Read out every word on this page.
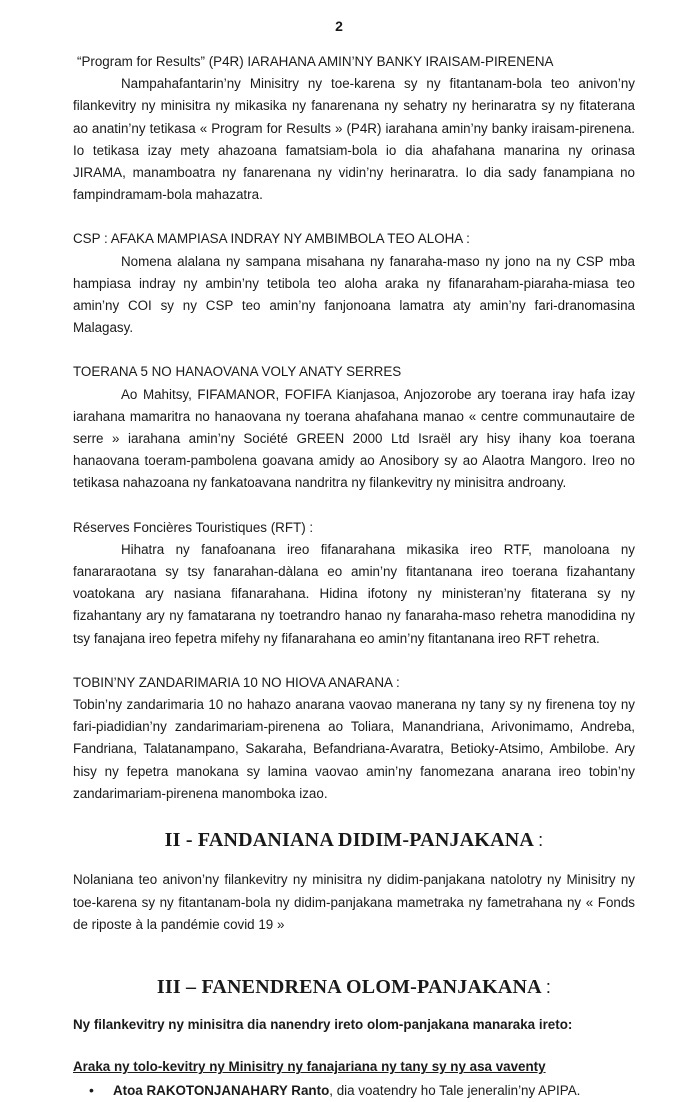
2

“Program for Results” (P4R) IARAHANA AMIN’NY BANKY IRAISAM-PIRENENA

Nampahafantarin’ny Minisitry ny toe-karena sy ny fitantanam-bola teo anivon’ny filankevitry ny minisitra ny mikasika ny fanarenana ny sehatry ny herinaratra sy ny fitaterana ao anatin’ny tetikasa « Program for Results » (P4R) iarahana amin’ny banky iraisam-pirenena. Io tetikasa izay mety ahazoana famatsiam-bola io dia ahafahana manarina ny orinasa JIRAMA, manamboatra ny fanarenana ny vidin’ny herinaratra. Io dia sady fanampiana no fampindramam-bola mahazatra.

CSP : AFAKA MAMPIASA INDRAY NY AMBIMBOLA TEO ALOHA :

Nomena alalana ny sampana misahana ny fanaraha-maso ny jono na ny CSP mba hampiasa indray ny ambin’ny tetibola teo aloha araka ny fifanaraham-piaraha-miasa teo amin’ny COI sy ny CSP teo amin’ny fanjonoana lamatra aty amin’ny fari-dranomasina Malagasy.

TOERANA 5 NO HANAOVANA VOLY ANATY SERRES

Ao Mahitsy, FIFAMANOR, FOFIFA Kianjasoa, Anjozorobe ary toerana iray hafa izay iarahana mamaritra no hanaovana ny toerana ahafahana manao « centre communautaire de serre » iarahana amin’ny Société GREEN 2000 Ltd Israël ary hisy ihany koa toerana hanaovana toeram-pambolena goavana amidy ao Anosibory sy ao Alaotra Mangoro. Ireo no tetikasa nahazoana ny fankatoavana nandritra ny filankevitry ny minisitra androany.

Réserves Foncières Touristiques (RFT) :

Hihatra ny fanafoanana ireo fifanarahana mikasika ireo RTF, manoloana ny fanararaotana sy tsy fanarahan-dàlana eo amin’ny fitantanana ireo toerana fizahantany voatokana ary nasiana fifanarahana. Hidina ifotony ny ministeran’ny fitaterana sy ny fizahantany ary ny famatarana ny toetrandro hanao ny fanaraha-maso rehetra manodidina ny tsy fanajana ireo fepetra mifehy ny fifanarahana eo amin’ny fitantanana ireo RFT rehetra.

TOBIN’NY ZANDARIMARIA 10 NO HIOVA ANARANA :

Tobin’ny zandarimaria 10 no hahazo anarana vaovao manerana ny tany sy ny firenena toy ny fari-piadidian’ny zandarimariam-pirenena ao Toliara, Manandriana, Arivonimamo, Andreba, Fandriana, Talatanampano, Sakaraha, Befandriana-Avaratra, Betioky-Atsimo, Ambilobe. Ary hisy ny fepetra manokana sy lamina vaovao amin’ny fanomezana anarana ireo tobin’ny zandarimariam-pirenena manomboka izao.

II - FANDANIANA DIDIM-PANJAKANA :

Nolaniana teo anivon’ny filankevitry ny minisitra ny didim-panjakana natolotry ny Minisitry ny toe-karena sy ny fitantanam-bola ny didim-panjakana mametraka ny fametrahana ny « Fonds de riposte à la pandémie covid 19 »

III – FANENDRENA OLOM-PANJAKANA :

Ny filankevitry ny minisitra dia nanendry ireto olom-panjakana manaraka ireto:

Araka ny tolo-kevitry ny Minisitry ny fanajariana ny tany sy ny asa vaventy

•	Atoa RAKOTONJANAHARY Ranto, dia voatendry ho Tale jeneralin’ny APIPA.
